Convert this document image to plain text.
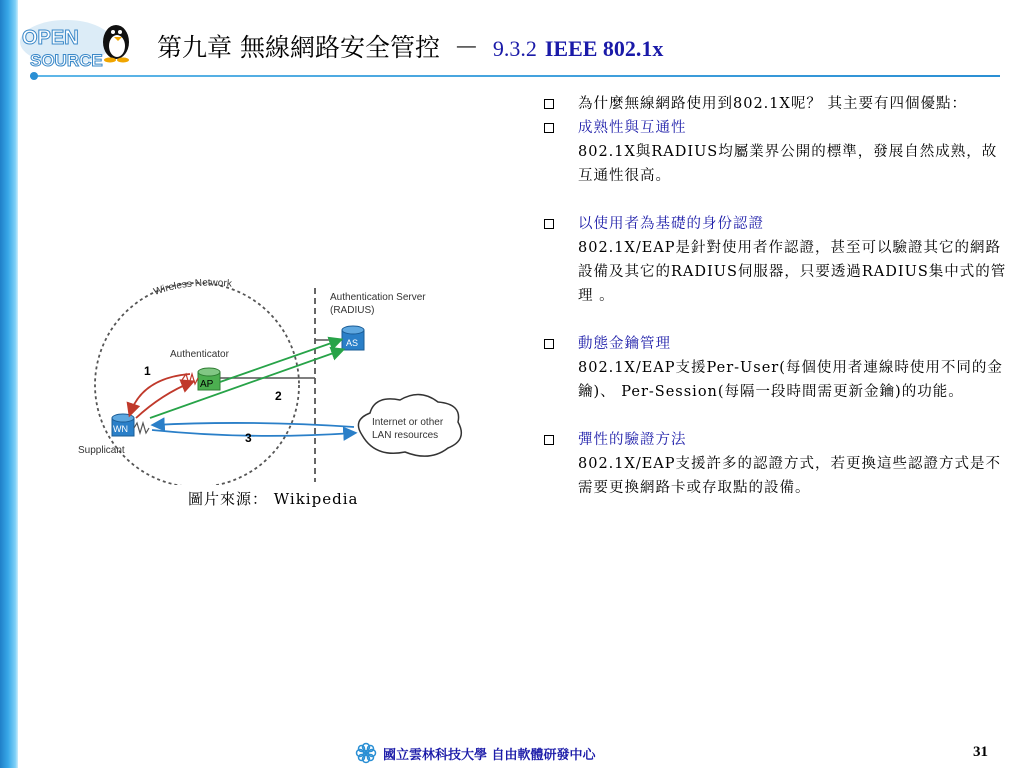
OPEN
SOURCE 第九章 無線網路安全管控 － 9.3.2 IEEE 802.1x
為什麼無線網路使用到802.1X呢？ 其主要有四個優點：
成熟性與互通性
802.1X與RADIUS均屬業界公開的標準，發展自然成熟，故互通性很高。
以使用者為基礎的身份認證
802.1X/EAP是針對使用者作認證，甚至可以驗證其它的網路設備及其它的RADIUS伺服器，只要透過RADIUS集中式的管理 。
動態金鑰管理
802.1X/EAP支援Per-User(每個使用者連線時使用不同的金鑰)、 Per-Session(每隔一段時間需更新金鑰)的功能。
彈性的驗證方法
802.1X/EAP支援許多的認證方式，若更換這些認證方式是不需要更換網路卡或存取點的設備。
Wireless Network
Authentication Server
(RADIUS)
AS
Authenticator
AP
WN
Supplicant
1
2
3
Internet or other
LAN resources
圖片來源： Wikipedia
國立雲林科技大學 自由軟體研發中心	31
